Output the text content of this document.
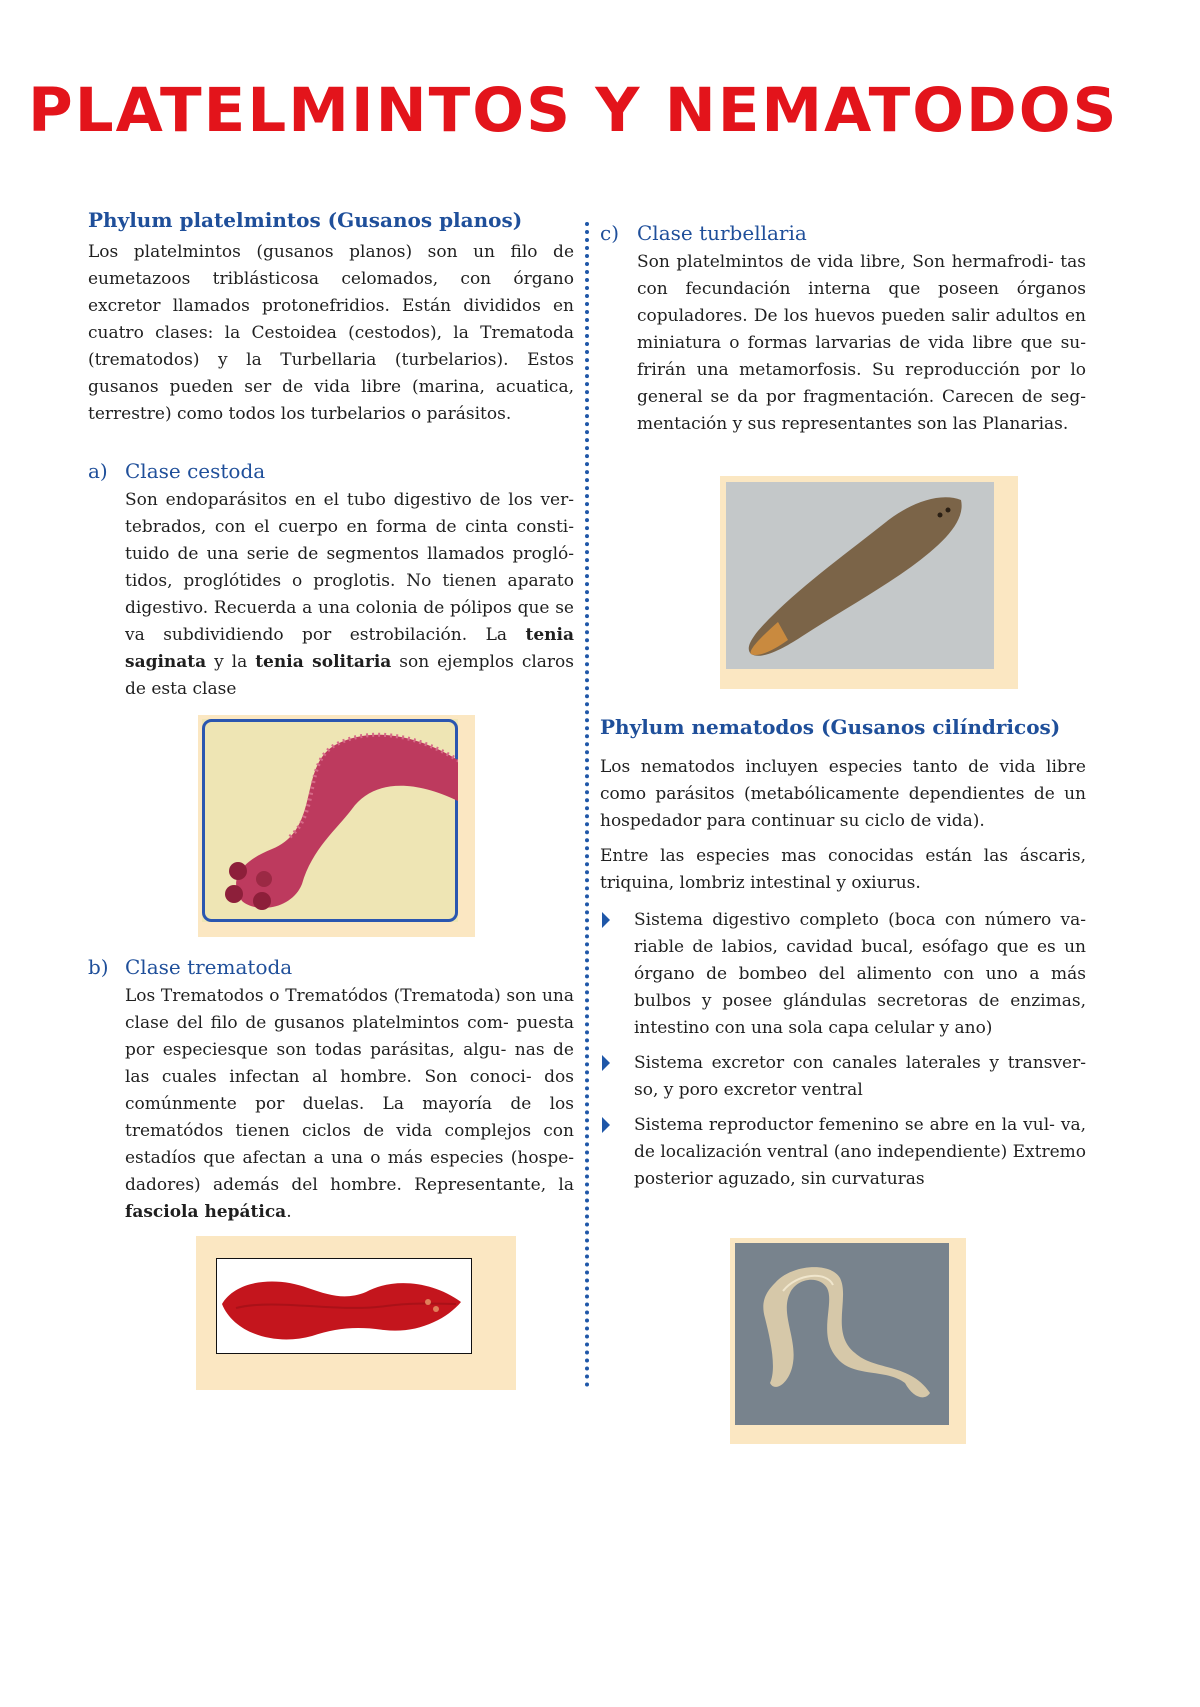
PLATELMINTOS Y NEMATODOS
Phylum platelmintos (Gusanos planos)

Los platelmintos (gusanos planos) son un filo de eumetazoos triblásticosa celomados, con órgano excretor llamados protonefridios. Están divididos en cuatro clases: la Cestoidea (cestodos), la Trematoda (trematodos) y la Turbellaria (turbelarios). Estos gusanos pueden ser de vida libre (marina, acuatica, terrestre) como todos los turbelarios o parásitos.

a) Clase cestoda

Son endoparásitos en el tubo digestivo de los ver- tebrados, con el cuerpo en forma de cinta consti- tuido de una serie de segmentos llamados progló- tidos, proglótides o proglotis. No tienen aparato digestivo. Recuerda a una colonia de pólipos que se va subdividiendo por estrobilación. La tenia saginata y la tenia solitaria son ejemplos claros de esta clase

b) Clase trematoda

Los Trematodos o Trematódos (Trematoda) son una clase del filo de gusanos platelmintos com- puesta por especiesque son todas parásitas, algu- nas de las cuales infectan al hombre. Son conoci- dos comúnmente por duelas. La mayoría de los trematódos tienen ciclos de vida complejos con estadíos que afectan a una o más especies (hospe- dadores) además del hombre. Representante, la fasciola hepática.

c) Clase turbellaria

Son platelmintos de vida libre, Son hermafrodi- tas con fecundación interna que poseen órganos copuladores. De los huevos pueden salir adultos en miniatura o formas larvarias de vida libre que su- frirán una metamorfosis. Su reproducción por lo general se da por fragmentación. Carecen de seg- mentación y sus representantes son las Planarias.

Phylum nematodos (Gusanos cilíndricos)

Los nematodos incluyen especies tanto de vida libre como parásitos (metabólicamente dependientes de un hospedador para continuar su ciclo de vida).

Entre las especies mas conocidas están las áscaris, triquina, lombriz intestinal y oxiurus.

Sistema digestivo completo (boca con número va- riable de labios, cavidad bucal, esófago que es un órgano de bombeo del alimento con uno a más bulbos y posee glándulas secretoras de enzimas, intestino con una sola capa celular y ano)

Sistema excretor con canales laterales y transver- so, y poro excretor ventral

Sistema reproductor femenino se abre en la vul- va, de localización ventral (ano independiente) Extremo posterior aguzado, sin curvaturas
